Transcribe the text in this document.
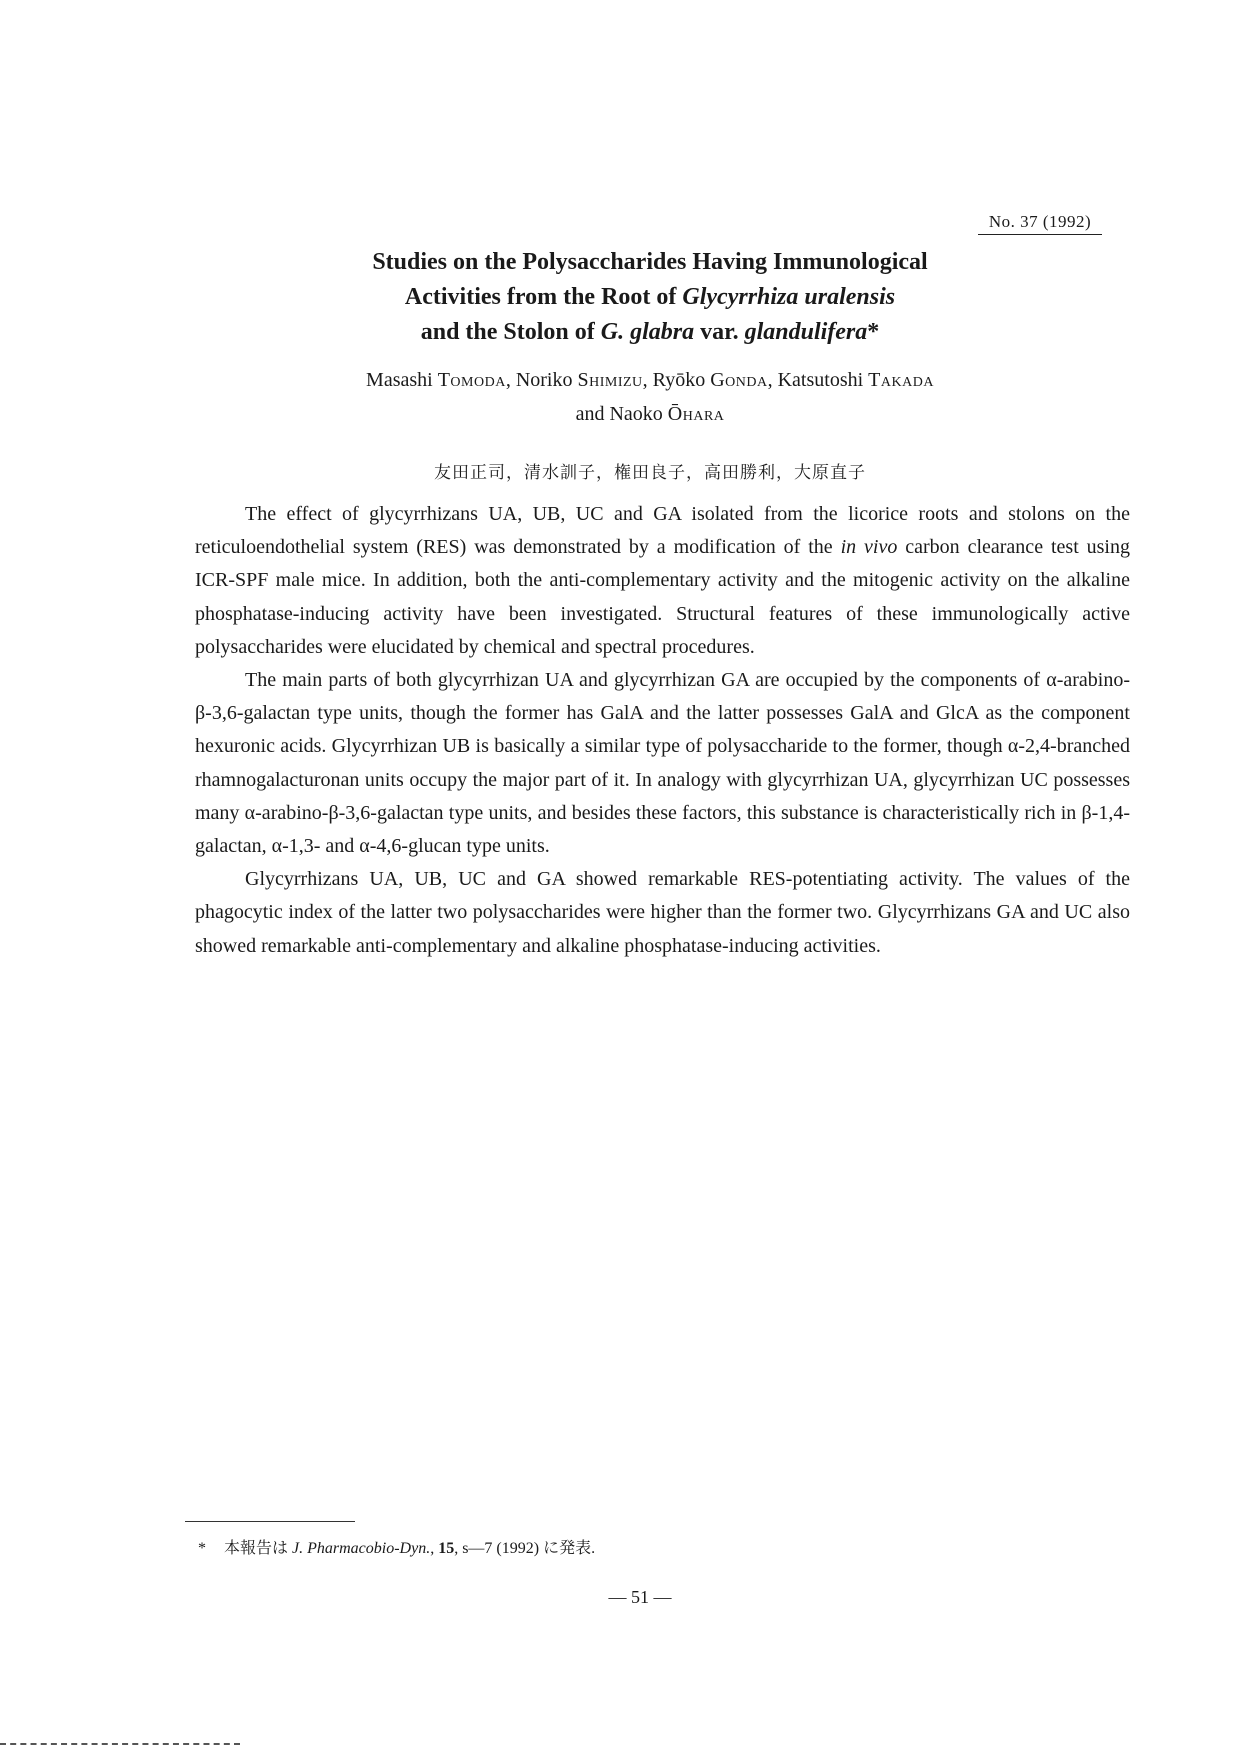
No. 37 (1992)
Studies on the Polysaccharides Having Immunological
Activities from the Root of Glycyrrhiza uralensis
and the Stolon of G. glabra var. glandulifera*
Masashi Tomoda, Noriko Shimizu, Ryōko Gonda, Katsutoshi Takada
and Naoko Ōhara
友田正司，清水訓子，権田良子，高田勝利，大原直子

The effect of glycyrrhizans UA, UB, UC and GA isolated from the licorice roots and stolons on the reticuloendothelial system (RES) was demonstrated by a modification of the in vivo carbon clearance test using ICR-SPF male mice. In addition, both the anti-complementary activity and the mitogenic activity on the alkaline phosphatase-inducing activity have been investigated. Structural features of these immunologically active polysaccharides were elucidated by chemical and spectral procedures.

The main parts of both glycyrrhizan UA and glycyrrhizan GA are occupied by the components of α-arabino-β-3,6-galactan type units, though the former has GalA and the latter possesses GalA and GlcA as the component hexuronic acids. Glycyrrhizan UB is basically a similar type of polysaccharide to the former, though α-2,4-branched rhamnogalacturonan units occupy the major part of it. In analogy with glycyrrhizan UA, glycyrrhizan UC possesses many α-arabino-β-3,6-galactan type units, and besides these factors, this substance is characteristically rich in β-1,4-galactan, α-1,3- and α-4,6-glucan type units.

Glycyrrhizans UA, UB, UC and GA showed remarkable RES-potentiating activity. The values of the phagocytic index of the latter two polysaccharides were higher than the former two. Glycyrrhizans GA and UC also showed remarkable anti-complementary and alkaline phosphatase-inducing activities.

* 本報告は J. Pharmacobio-Dyn., 15, s—7 (1992) に発表.
— 51 —
